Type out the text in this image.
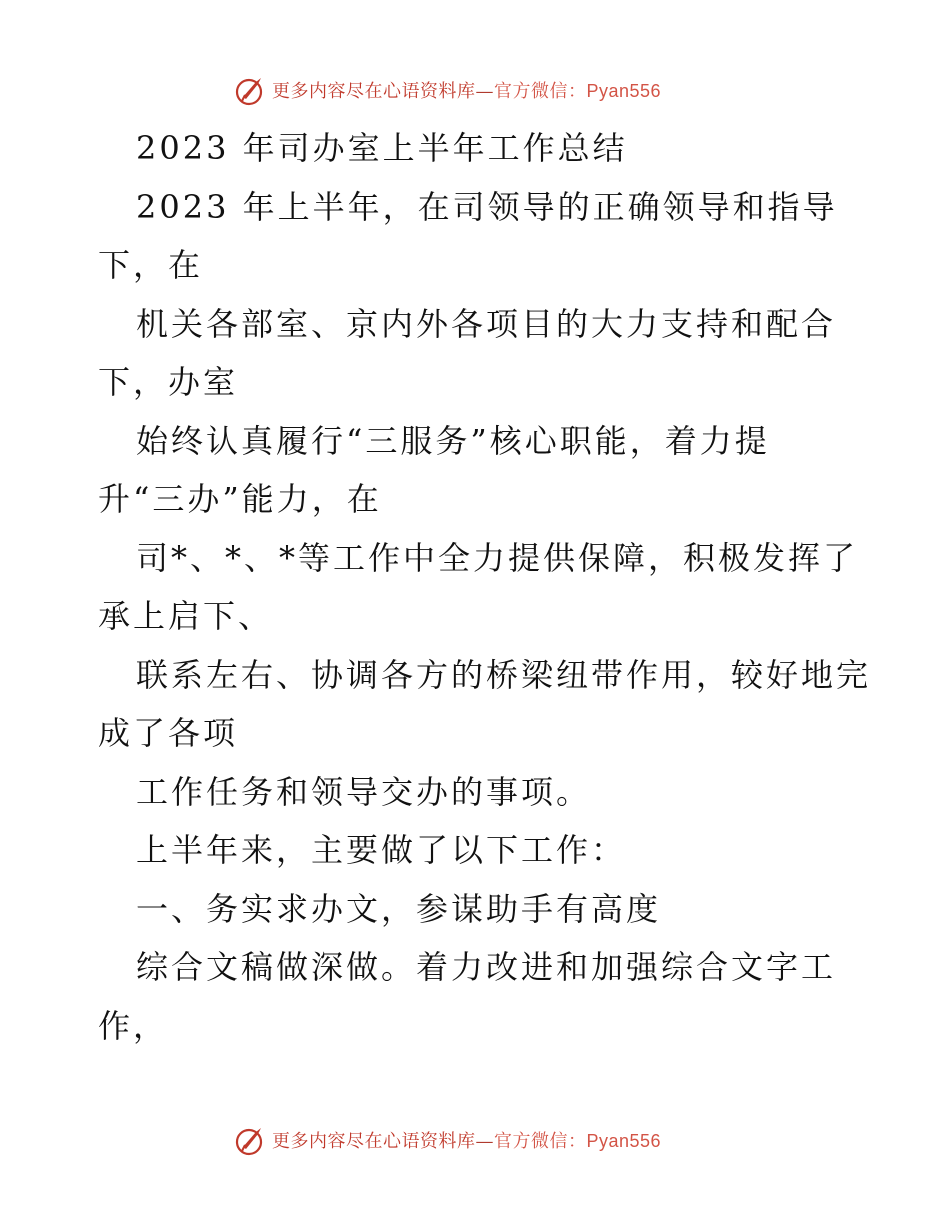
更多内容尽在心语资料库—官方微信：Pyan556
2023 年司办室上半年工作总结
2023 年上半年，在司领导的正确领导和指导
下，在
机关各部室、京内外各项目的大力支持和配合
下，办室
始终认真履行“三服务”核心职能，着力提
升“三办”能力，在
司*、*、*等工作中全力提供保障，积极发挥了
承上启下、
联系左右、协调各方的桥梁纽带作用，较好地完
成了各项
工作任务和领导交办的事项。
上半年来，主要做了以下工作：
一、务实求办文，参谋助手有高度
综合文稿做深做。着力改进和加强综合文字工
作，
更多内容尽在心语资料库—官方微信：Pyan556
